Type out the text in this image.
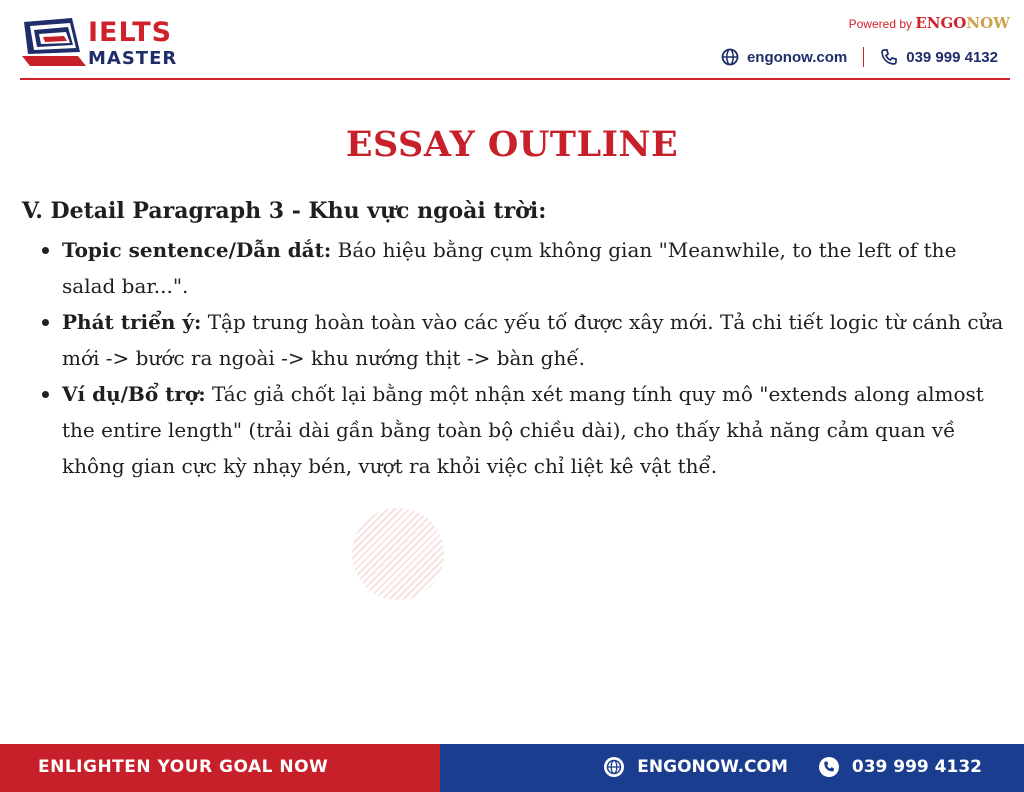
IELTS
MASTER
Powered by ENGONOW
engonow.com	039 999 4132
ESSAY OUTLINE
V. Detail Paragraph 3 - Khu vực ngoài trời:
Topic sentence/Dẫn dắt: Báo hiệu bằng cụm không gian "Meanwhile, to the left of the salad bar...".
Phát triển ý: Tập trung hoàn toàn vào các yếu tố được xây mới. Tả chi tiết logic từ cánh cửa mới -> bước ra ngoài -> khu nướng thịt -> bàn ghế.
Ví dụ/Bổ trợ: Tác giả chốt lại bằng một nhận xét mang tính quy mô "extends along almost the entire length" (trải dài gần bằng toàn bộ chiều dài), cho thấy khả năng cảm quan về không gian cực kỳ nhạy bén, vượt ra khỏi việc chỉ liệt kê vật thể.
ENLIGHTEN YOUR GOAL NOW	ENGONOW.COM	039 999 4132
